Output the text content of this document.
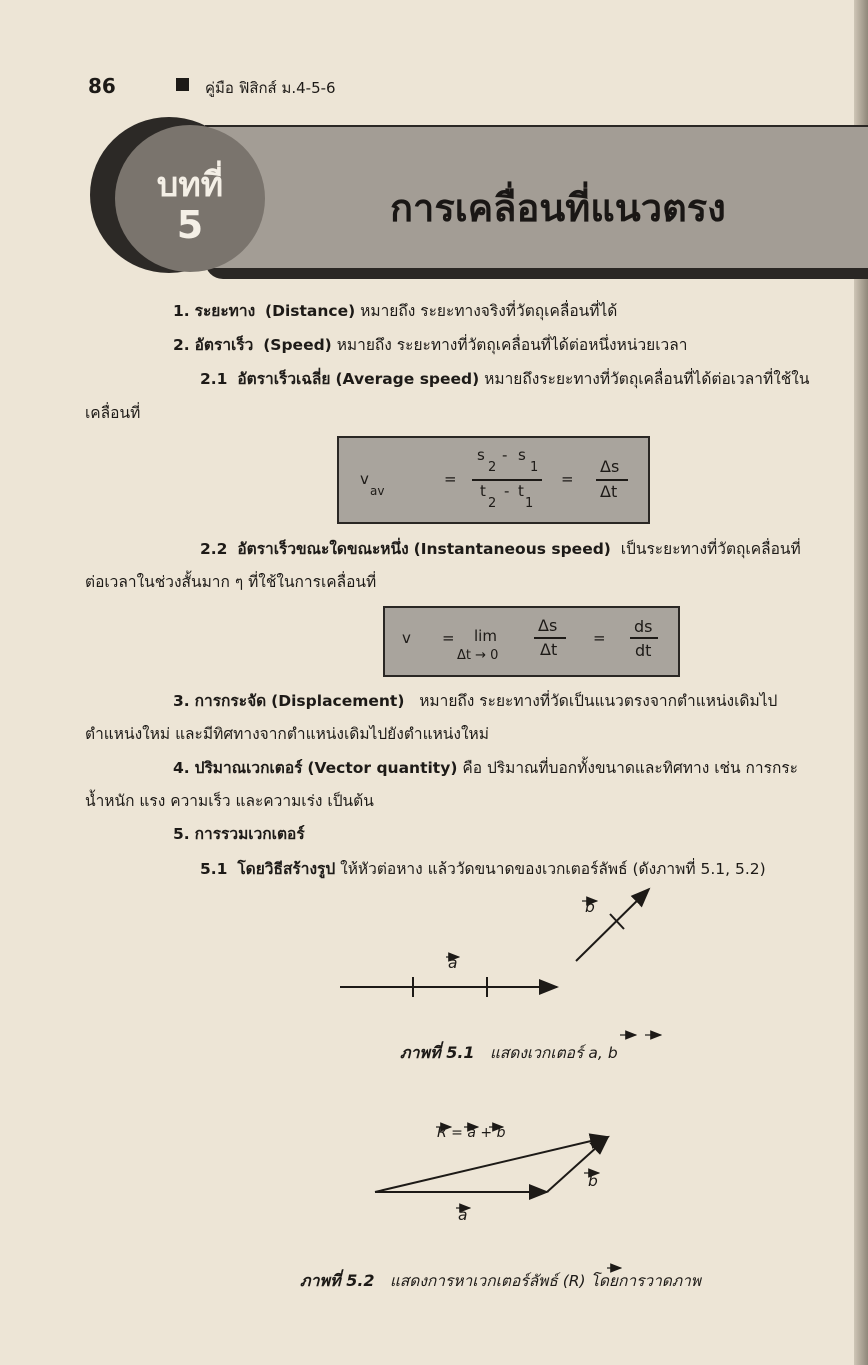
86	คู่มือ ฟิสิกส์ ม.4-5-6
บทที่
5	การเคลื่อนที่แนวตรง
1. ระยะทาง (Distance) หมายถึง ระยะทางจริงที่วัตถุเคลื่อนที่ได้
2. อัตราเร็ว (Speed) หมายถึง ระยะทางที่วัตถุเคลื่อนที่ได้ต่อหนึ่งหน่วยเวลา
2.1 อัตราเร็วเฉลี่ย (Average speed) หมายถึงระยะทางที่วัตถุเคลื่อนที่ได้ต่อเวลาที่ใช้ใน
เคลื่อนที่
v
av
=
s
2
- s
1
t
2
- t
1
=
Δs
Δt
2.2 อัตราเร็วขณะใดขณะหนึ่ง (Instantaneous speed) เป็นระยะทางที่วัตถุเคลื่อนที่
ต่อเวลาในช่วงสั้นมาก ๆ ที่ใช้ในการเคลื่อนที่
v = lim
Δt → 0
Δs
Δt
=
ds
dt
3. การกระจัด (Displacement) หมายถึง ระยะทางที่วัดเป็นแนวตรงจากตำแหน่งเดิมไป
ตำแหน่งใหม่ และมีทิศทางจากตำแหน่งเดิมไปยังตำแหน่งใหม่
4. ปริมาณเวกเตอร์ (Vector quantity) คือ ปริมาณที่บอกทั้งขนาดและทิศทาง เช่น การกระ
น้ำหนัก แรง ความเร็ว และความเร่ง เป็นต้น
5. การรวมเวกเตอร์
5.1 โดยวิธีสร้างรูป ให้หัวต่อหาง แล้ววัดขนาดของเวกเตอร์ลัพธ์ (ดังภาพที่ 5.1, 5.2)
a
b
ภาพที่ 5.1 แสดงเวกเตอร์ a, b
R = a + b
a
b
ภาพที่ 5.2 แสดงการหาเวกเตอร์ลัพธ์ (R) โดยการวาดภาพ
